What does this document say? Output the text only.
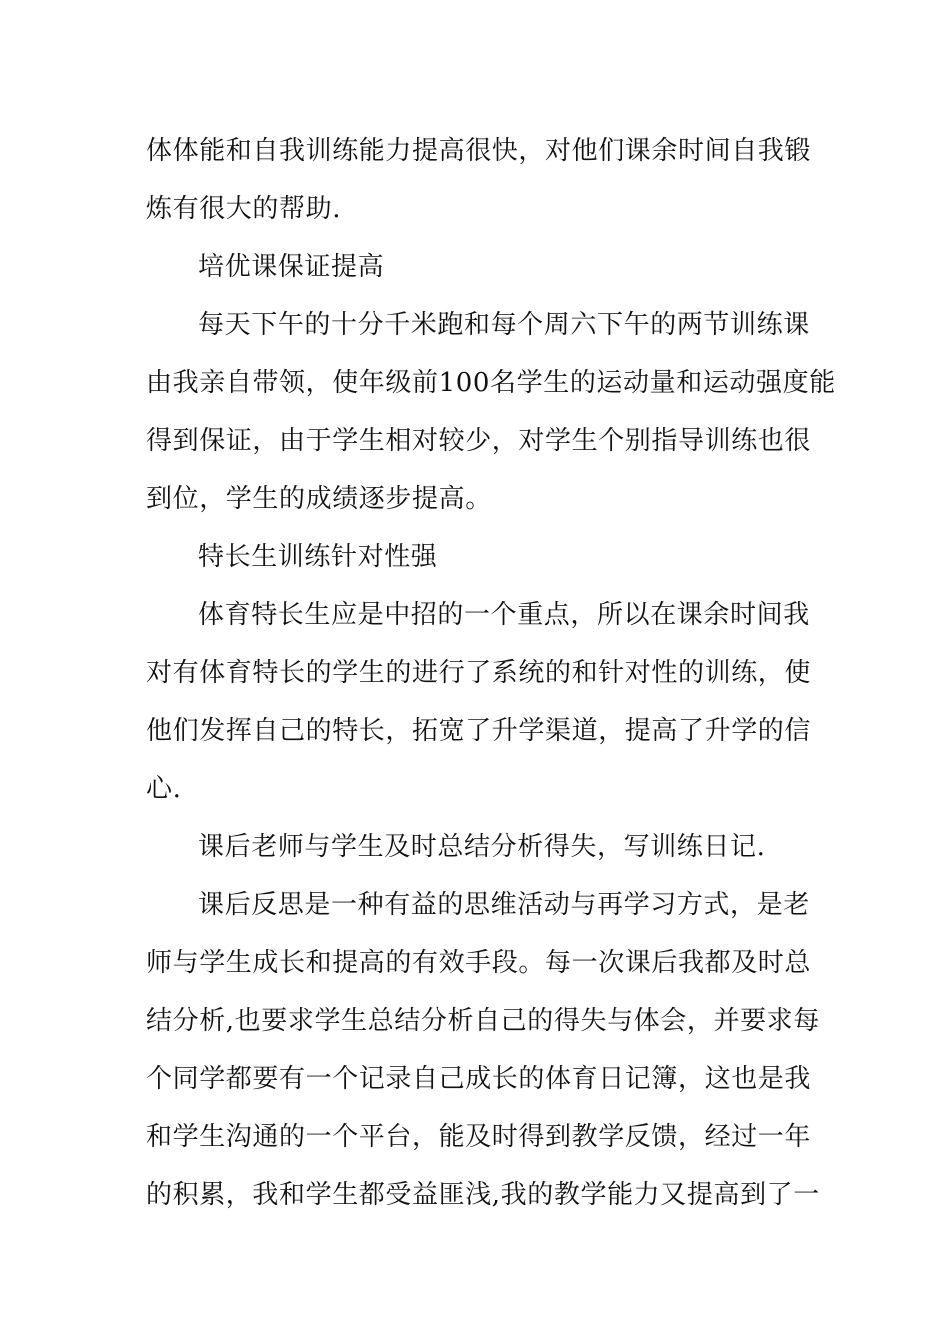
体体能和自我训练能力提高很快，对他们课余时间自我锻
炼有很大的帮助.
培优课保证提高
每天下午的十分千米跑和每个周六下午的两节训练课
由我亲自带领，使年级前100名学生的运动量和运动强度能
得到保证，由于学生相对较少，对学生个别指导训练也很
到位，学生的成绩逐步提高。
特长生训练针对性强
体育特长生应是中招的一个重点，所以在课余时间我
对有体育特长的学生的进行了系统的和针对性的训练，使
他们发挥自己的特长，拓宽了升学渠道，提高了升学的信
心.
课后老师与学生及时总结分析得失，写训练日记.
课后反思是一种有益的思维活动与再学习方式，是老
师与学生成长和提高的有效手段。每一次课后我都及时总
结分析,也要求学生总结分析自己的得失与体会，并要求每
个同学都要有一个记录自己成长的体育日记簿，这也是我
和学生沟通的一个平台，能及时得到教学反馈，经过一年
的积累，我和学生都受益匪浅,我的教学能力又提高到了一
